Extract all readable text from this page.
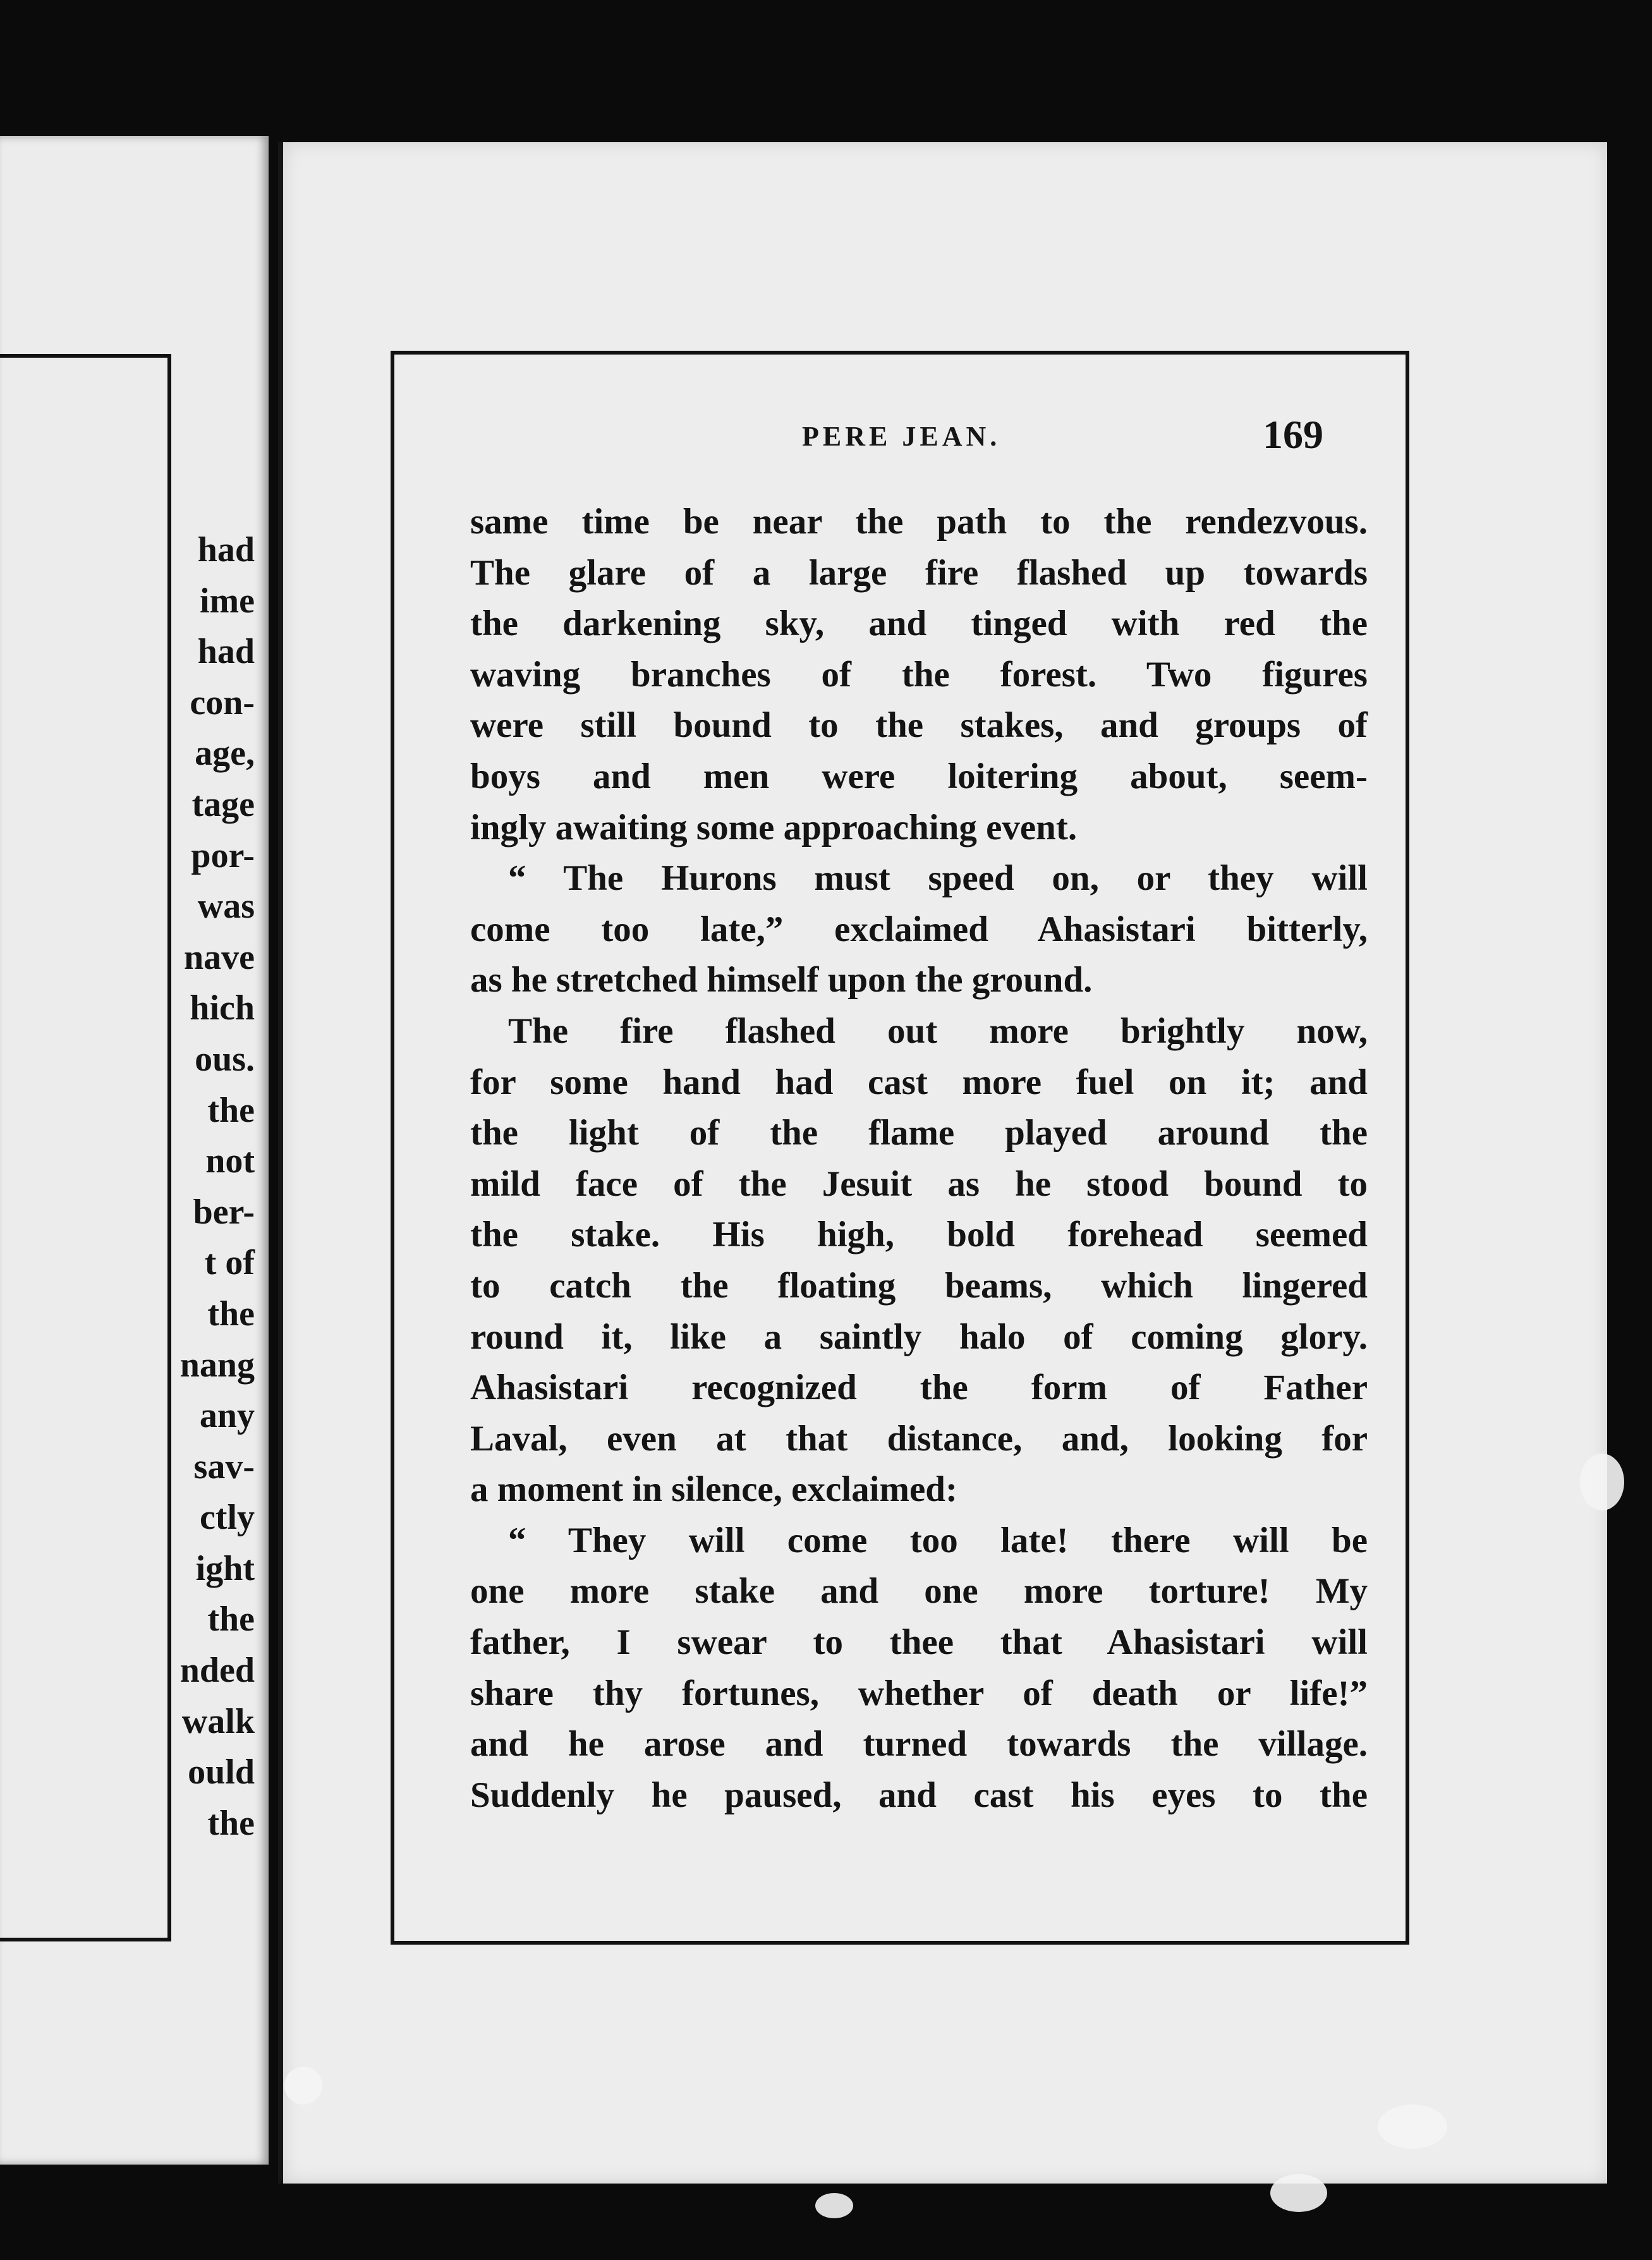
had
ime
had
con-
age,
tage
por-
was
nave
hich
ous.
the
not
ber-
t of
the
nang
any
sav-
ctly
ight
the
nded
walk
ould
the
PERE JEAN.	169
same time be near the path to the rendezvous.
The glare of a large fire flashed up towards
the darkening sky, and tinged with red the
waving branches of the forest. Two figures
were still bound to the stakes, and groups of
boys and men were loitering about, seem-
ingly awaiting some approaching event.
“ The Hurons must speed on, or they will
come too late,” exclaimed Ahasistari bitterly,
as he stretched himself upon the ground.
The fire flashed out more brightly now,
for some hand had cast more fuel on it; and
the light of the flame played around the
mild face of the Jesuit as he stood bound to
the stake. His high, bold forehead seemed
to catch the floating beams, which lingered
round it, like a saintly halo of coming glory.
Ahasistari recognized the form of Father
Laval, even at that distance, and, looking for
a moment in silence, exclaimed:
“ They will come too late! there will be
one more stake and one more torture! My
father, I swear to thee that Ahasistari will
share thy fortunes, whether of death or life!”
and he arose and turned towards the village.
Suddenly he paused, and cast his eyes to the
